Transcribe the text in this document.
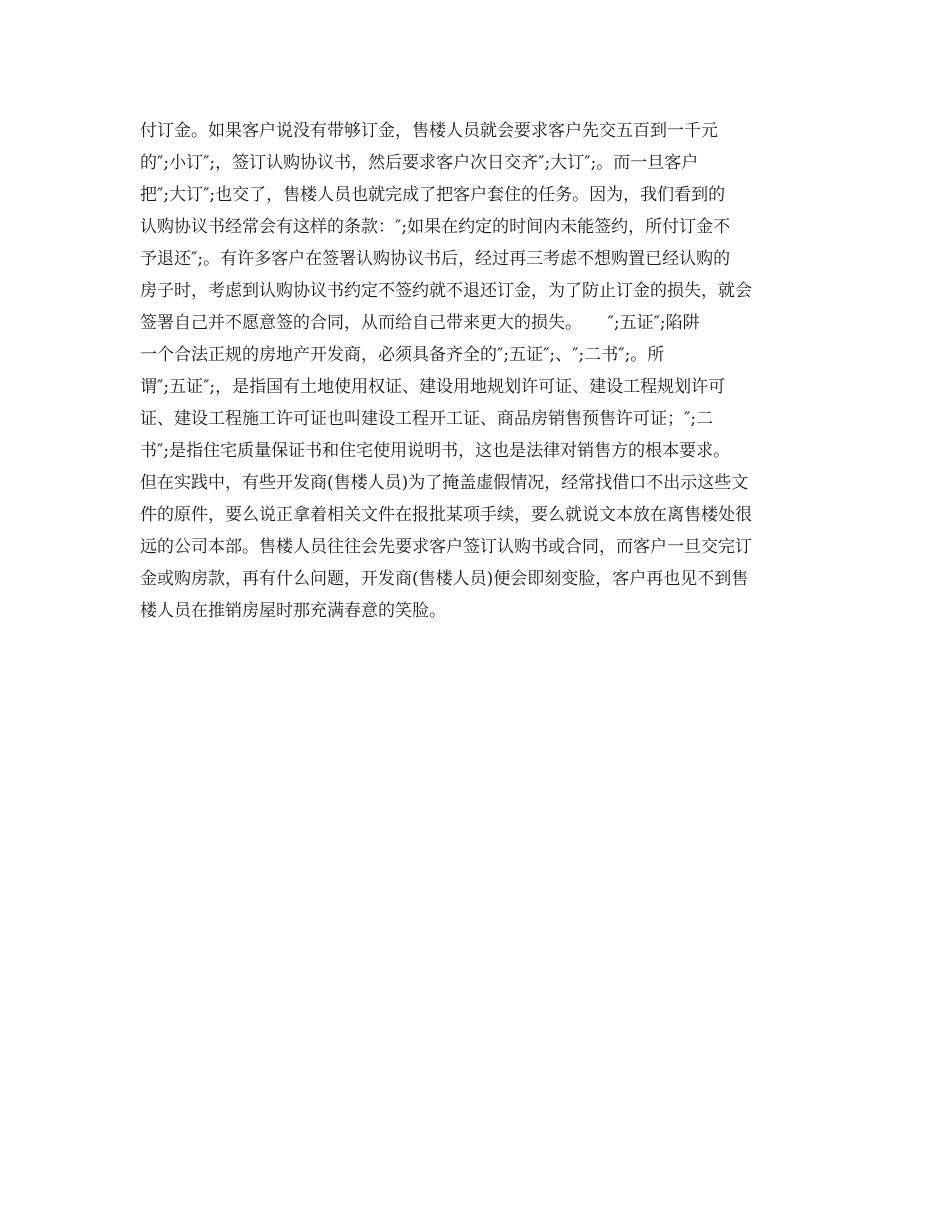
付订金。如果客户说没有带够订金，售楼人员就会要求客户先交五百到一千元
的″;小订″;，签订认购协议书，然后要求客户次日交齐″;大订″;。而一旦客户
把″;大订″;也交了，售楼人员也就完成了把客户套住的任务。因为，我们看到的
认购协议书经常会有这样的条款：″;如果在约定的时间内未能签约，所付订金不
予退还″;。有许多客户在签署认购协议书后，经过再三考虑不想购置已经认购的
房子时，考虑到认购协议书约定不签约就不退还订金，为了防止订金的损失，就会
签署自己并不愿意签的合同，从而给自己带来更大的损失。　　″;五证″;陷阱
一个合法正规的房地产开发商，必须具备齐全的″;五证″;、″;二书″;。所
谓″;五证″;，是指国有土地使用权证、建设用地规划许可证、建设工程规划许可
证、建设工程施工许可证也叫建设工程开工证、商品房销售预售许可证；″;二
书″;是指住宅质量保证书和住宅使用说明书，这也是法律对销售方的根本要求。
但在实践中，有些开发商(售楼人员)为了掩盖虚假情况，经常找借口不出示这些文
件的原件，要么说正拿着相关文件在报批某项手续，要么就说文本放在离售楼处很
远的公司本部。售楼人员往往会先要求客户签订认购书或合同，而客户一旦交完订
金或购房款，再有什么问题，开发商(售楼人员)便会即刻变脸，客户再也见不到售
楼人员在推销房屋时那充满春意的笑脸。
